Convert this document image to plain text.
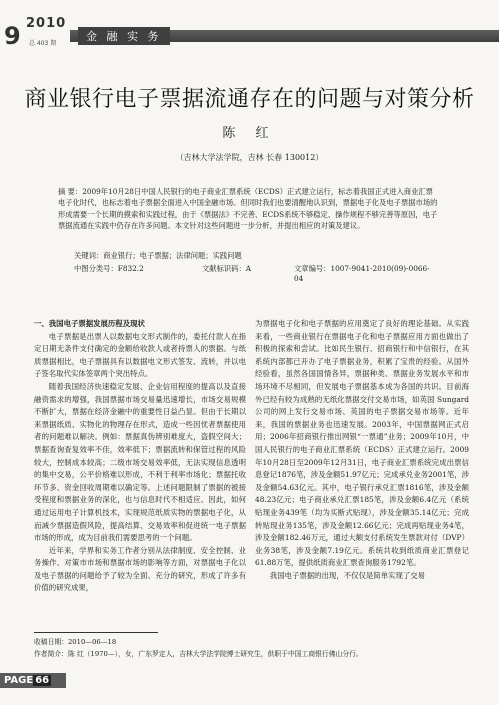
9 2010
总 403 期
金 融 实 务
商业银行电子票据流通存在的问题与对策分析
陈 红
（吉林大学法学院，吉林 长春 130012）
摘 要：2009年10月28日中国人民银行的电子商业汇票系统（ECDS）正式建立运行，标志着我国正式进入商业汇票电子化时代，也标志着电子票据全面进入中国金融市场。但同时我们也要清醒地认识到，票据电子化及电子票据市场的形成需要一个长期的摸索和实践过程，由于《票据法》不完善、ECDS系统不够稳定、操作规程不够完善等原因，电子票据流通在实践中仍存在许多问题。本文针对这些问题进一步分析，并提出相应的对策及建议。
关键词：商业银行；电子票据；法律问题；实践问题
中图分类号：F832.2	文献标识码：A	文章编号：1007-9041-2010(09)-0066-04
一、我国电子票据发展历程及现状

电子票据是出票人以数据电文形式制作的，委托付款人在指定日期无条件支付确定的金额给收款人或者持票人的票据。与纸质票据相比，电子票据具有以数据电文形式签发、流转，并以电子签名取代实体签章两个突出特点。

随着我国经济快速稳定发展、企业信用程度的提高以及直接融资需求的增强，我国票据市场交易量迅速增长，市场交易规模不断扩大，票据在经济金融中的重要性日益凸显。但由于长期以来票据纸质、实物化的物理存在形式，造成一些因忧者票据使用者的问题难以解决。例如：票据真伪辨别难度大，盗假空间大；票据查询查复效率不佳，效率低下；票据流转和保管过程的风险较大，控制成本较高；二级市场交易效率低，无法实现信息透明的集中交易，公平价格难以形成，不利于利率市场化；票据托收环节多、资金回收周期难以确定等。上述问题限制了票据的被接受程度和票据业务的深化，也与信息时代不相适应。因此，如何通过运用电子计算机技术，实现规范纸质实物的票据电子化，从而减少票据造假风险，提高结算、交易效率和促进统一电子票据市场的形成，成为目前我们需要思考的一个问题。

近年来，学界和实务工作者分别从法律制度、安全控制、业务操作、对策市市场和票据市场的影响等方面，对票据电子化以及电子票据的问题给予了较为全面、充分的研究，形成了许多有价值的研究成果，

为票据电子化和电子票据的应用奠定了良好的理论基础。从实践来看，一些商业银行在票据电子化和电子票据应用方面也做出了积极的探索和尝试。比如民生银行、招商银行和中信银行，在其系统内部都已开办了电子票据业务，积累了宝贵的经验。从国外经验看，虽然各国国情各异，票据种类、票据业务发展水平和市场环境不尽相同，但发展电子票据基本成为各国的共识。目前海外已经有较为成熟的无纸化票据交付交易市场，如英国 Sungard 公司的网上发行交易市场、英国的电子票据交易市场等。近年来，我国的票据业务也迅速发展。2003年，中国票据网正式启用；2006年招商银行推出网银“一票通”业务；2009年10月，中国人民银行的电子商业汇票系统（ECDS）正式建立运行。2009年10月28日至2009年12月31日，电子商业汇票系统完成出票信息登记1876笔，涉及金额51.97亿元；完成承兑业务2001笔，涉及金额54.63亿元。其中，电子银行承兑汇票1816笔，涉及金额48.23亿元；电子商业承兑汇票185笔，涉及金额6.4亿元（系统贴现业务439笔（均为买断式贴现），涉及金额35.14亿元；完成转贴现业务135笔，涉及金额12.66亿元；完成再贴现业务4笔，涉及金额182.46万元，通过大额支付系统发生票款对付（DVP）业务38笔，涉及金额7.19亿元。系统共收到纸质商业汇票登记61.88万笔，提供纸质商业汇票查询服务1792笔。

我国电子票据的出现，不仅仅是简单实现了交易

收稿日期：2010—06—18
作者简介：陈 红（1970—），女，广东罗定人，吉林大学法学院博士研究生，供职于中国工商银行佛山分行。
PAGE 66
